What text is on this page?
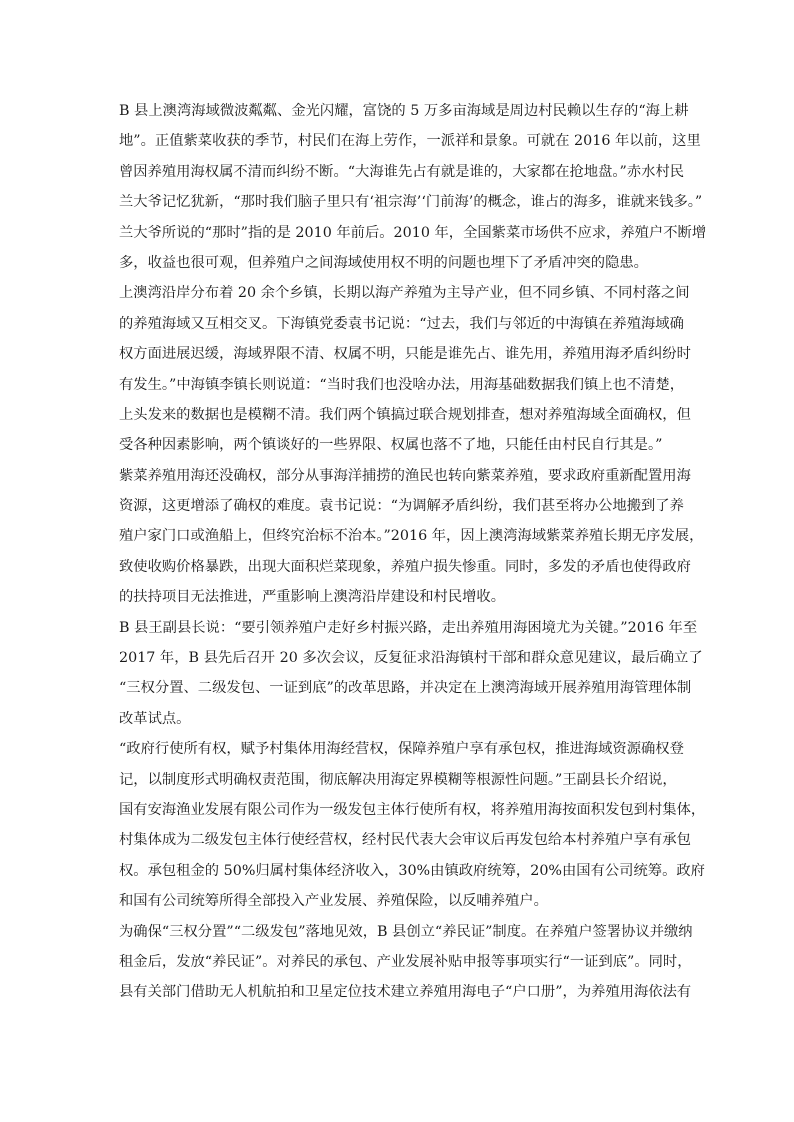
B 县上澳湾海域微波粼粼、金光闪耀，富饶的 5 万多亩海域是周边村民赖以生存的“海上耕
地”。正值紫菜收获的季节，村民们在海上劳作，一派祥和景象。可就在 2016 年以前，这里
曾因养殖用海权属不清而纠纷不断。“大海谁先占有就是谁的，大家都在抢地盘。”赤水村民
兰大爷记忆犹新，“那时我们脑子里只有‘祖宗海’‘门前海’的概念，谁占的海多，谁就来钱多。”
兰大爷所说的“那时”指的是 2010 年前后。2010 年，全国紫菜市场供不应求，养殖户不断增
多，收益也很可观，但养殖户之间海域使用权不明的问题也埋下了矛盾冲突的隐患。
上澳湾沿岸分布着 20 余个乡镇，长期以海产养殖为主导产业，但不同乡镇、不同村落之间
的养殖海域又互相交叉。下海镇党委袁书记说：“过去，我们与邻近的中海镇在养殖海域确
权方面进展迟缓，海域界限不清、权属不明，只能是谁先占、谁先用，养殖用海矛盾纠纷时
有发生。”中海镇李镇长则说道：“当时我们也没啥办法，用海基础数据我们镇上也不清楚，
上头发来的数据也是模糊不清。我们两个镇搞过联合规划排查，想对养殖海域全面确权，但
受各种因素影响，两个镇谈好的一些界限、权属也落不了地，只能任由村民自行其是。”
紫菜养殖用海还没确权，部分从事海洋捕捞的渔民也转向紫菜养殖，要求政府重新配置用海
资源，这更增添了确权的难度。袁书记说：“为调解矛盾纠纷，我们甚至将办公地搬到了养
殖户家门口或渔船上，但终究治标不治本。”2016 年，因上澳湾海域紫菜养殖长期无序发展，
致使收购价格暴跌，出现大面积烂菜现象，养殖户损失惨重。同时，多发的矛盾也使得政府
的扶持项目无法推进，严重影响上澳湾沿岸建设和村民增收。
B 县王副县长说：“要引领养殖户走好乡村振兴路，走出养殖用海困境尤为关键。”2016 年至
2017 年，B 县先后召开 20 多次会议，反复征求沿海镇村干部和群众意见建议，最后确立了
“三权分置、二级发包、一证到底”的改革思路，并决定在上澳湾海域开展养殖用海管理体制
改革试点。
“政府行使所有权，赋予村集体用海经营权，保障养殖户享有承包权，推进海域资源确权登
记，以制度形式明确权责范围，彻底解决用海定界模糊等根源性问题。”王副县长介绍说，
国有安海渔业发展有限公司作为一级发包主体行使所有权，将养殖用海按面积发包到村集体，
村集体成为二级发包主体行使经营权，经村民代表大会审议后再发包给本村养殖户享有承包
权。承包租金的 50%归属村集体经济收入，30%由镇政府统筹，20%由国有公司统筹。政府
和国有公司统筹所得全部投入产业发展、养殖保险，以反哺养殖户。
为确保“三权分置”“二级发包”落地见效，B 县创立“养民证”制度。在养殖户签署协议并缴纳
租金后，发放“养民证”。对养民的承包、产业发展补贴申报等事项实行“一证到底”。同时，
县有关部门借助无人机航拍和卫星定位技术建立养殖用海电子“户口册”，为养殖用海依法有
